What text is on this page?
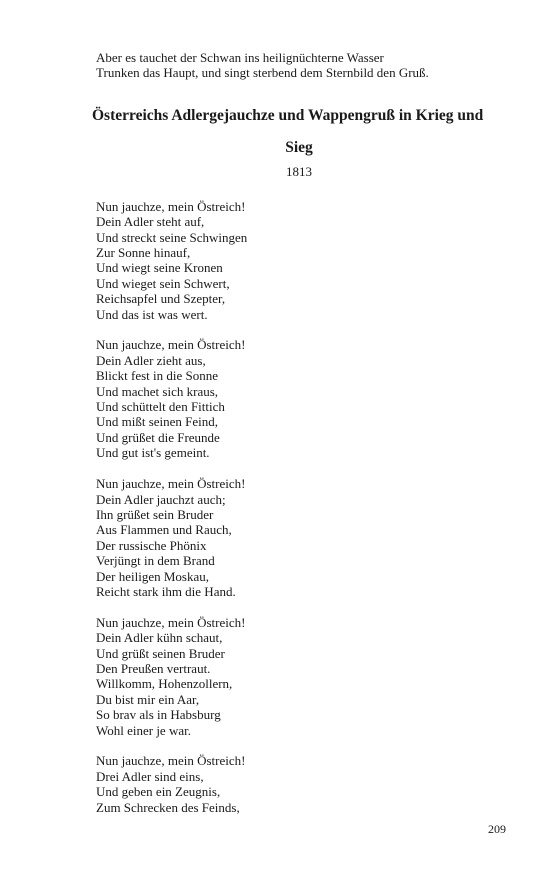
Aber es tauchet der Schwan ins heilignüchterne Wasser
Trunken das Haupt, und singt sterbend dem Sternbild den Gruß.
Österreichs Adlergejauchze und Wappengruß in Krieg und
Sieg
1813
Nun jauchze, mein Östreich!
Dein Adler steht auf,
Und streckt seine Schwingen
Zur Sonne hinauf,
Und wiegt seine Kronen
Und wieget sein Schwert,
Reichsapfel und Szepter,
Und das ist was wert.
Nun jauchze, mein Östreich!
Dein Adler zieht aus,
Blickt fest in die Sonne
Und machet sich kraus,
Und schüttelt den Fittich
Und mißt seinen Feind,
Und grüßet die Freunde
Und gut ist's gemeint.
Nun jauchze, mein Östreich!
Dein Adler jauchzt auch;
Ihn grüßet sein Bruder
Aus Flammen und Rauch,
Der russische Phönix
Verjüngt in dem Brand
Der heiligen Moskau,
Reicht stark ihm die Hand.
Nun jauchze, mein Östreich!
Dein Adler kühn schaut,
Und grüßt seinen Bruder
Den Preußen vertraut.
Willkomm, Hohenzollern,
Du bist mir ein Aar,
So brav als in Habsburg
Wohl einer je war.
Nun jauchze, mein Östreich!
Drei Adler sind eins,
Und geben ein Zeugnis,
Zum Schrecken des Feinds,
209
